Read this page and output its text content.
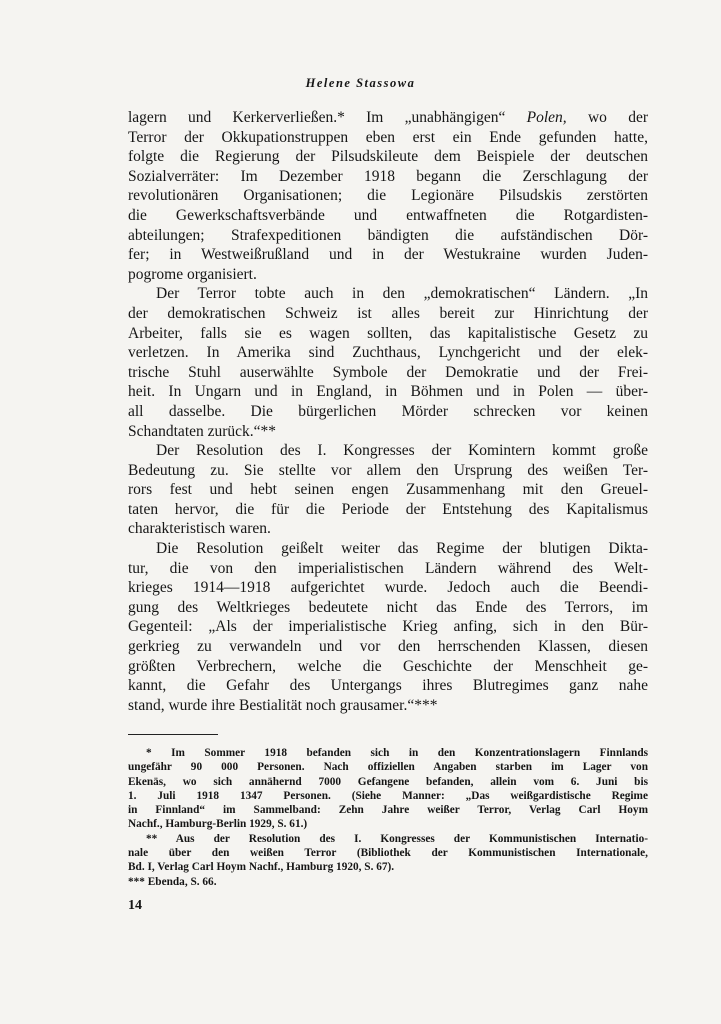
Helene Stassowa
lagern und Kerkerverließen.* Im „unabhängigen“ Polen, wo der
Terror der Okkupationstruppen eben erst ein Ende gefunden hatte,
folgte die Regierung der Pilsudskileute dem Beispiele der deutschen
Sozialverräter: Im Dezember 1918 begann die Zerschlagung der
revolutionären Organisationen; die Legionäre Pilsudskis zerstörten
die Gewerkschaftsverbände und entwaffneten die Rotgardisten-
abteilungen; Strafexpeditionen bändigten die aufständischen Dör-
fer; in Westweißrußland und in der Westukraine wurden Juden-
pogrome organisiert.
Der Terror tobte auch in den „demokratischen“ Ländern. „In
der demokratischen Schweiz ist alles bereit zur Hinrichtung der
Arbeiter, falls sie es wagen sollten, das kapitalistische Gesetz zu
verletzen. In Amerika sind Zuchthaus, Lynchgericht und der elek-
trische Stuhl auserwählte Symbole der Demokratie und der Frei-
heit. In Ungarn und in England, in Böhmen und in Polen — über-
all dasselbe. Die bürgerlichen Mörder schrecken vor keinen
Schandtaten zurück.“**
Der Resolution des I. Kongresses der Komintern kommt große
Bedeutung zu. Sie stellte vor allem den Ursprung des weißen Ter-
rors fest und hebt seinen engen Zusammenhang mit den Greuel-
taten hervor, die für die Periode der Entstehung des Kapitalismus
charakteristisch waren.
Die Resolution geißelt weiter das Regime der blutigen Dikta-
tur, die von den imperialistischen Ländern während des Welt-
krieges 1914—1918 aufgerichtet wurde. Jedoch auch die Beendi-
gung des Weltkrieges bedeutete nicht das Ende des Terrors, im
Gegenteil: „Als der imperialistische Krieg anfing, sich in den Bür-
gerkrieg zu verwandeln und vor den herrschenden Klassen, diesen
größten Verbrechern, welche die Geschichte der Menschheit ge-
kannt, die Gefahr des Untergangs ihres Blutregimes ganz nahe
stand, wurde ihre Bestialität noch grausamer.“***
* Im Sommer 1918 befanden sich in den Konzentrationslagern Finnlands
ungefähr 90 000 Personen. Nach offiziellen Angaben starben im Lager von
Ekenäs, wo sich annähernd 7000 Gefangene befanden, allein vom 6. Juni bis
1. Juli 1918 1347 Personen. (Siehe Manner: „Das weißgardistische Regime
in Finnland“ im Sammelband: Zehn Jahre weißer Terror, Verlag Carl Hoym
Nachf., Hamburg-Berlin 1929, S. 61.)
** Aus der Resolution des I. Kongresses der Kommunistischen Internatio-
nale über den weißen Terror (Bibliothek der Kommunistischen Internationale,
Bd. I, Verlag Carl Hoym Nachf., Hamburg 1920, S. 67).
*** Ebenda, S. 66.
14
